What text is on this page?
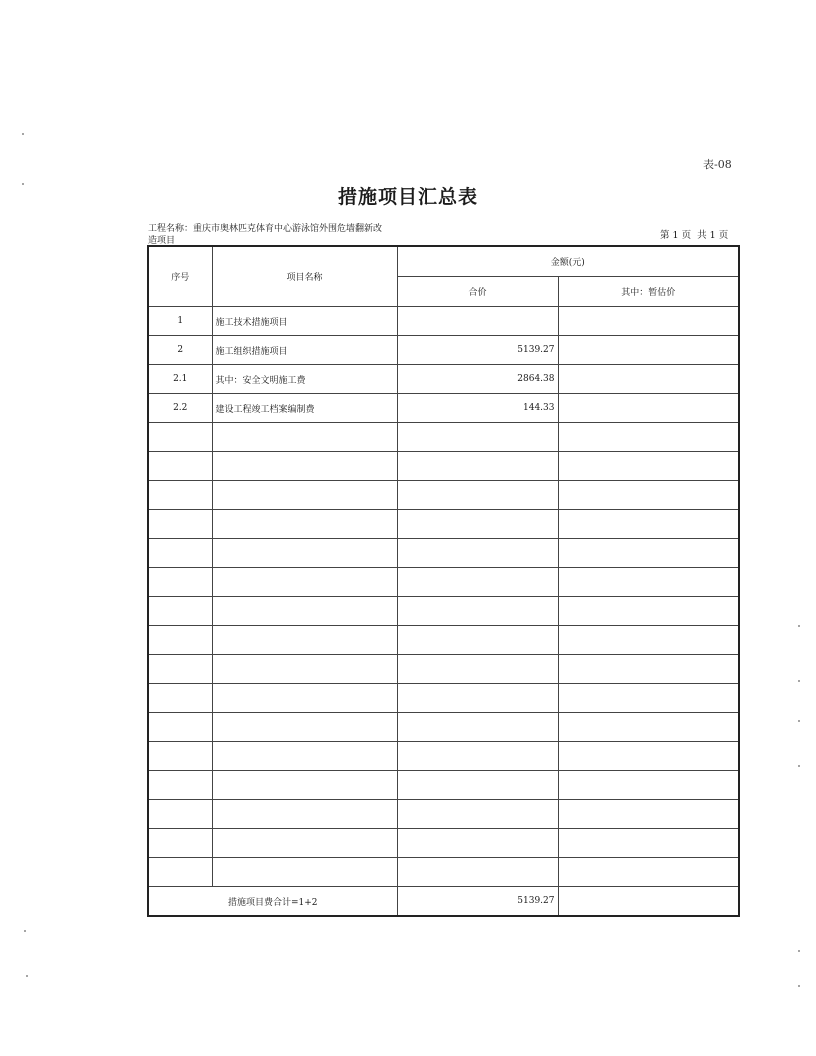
表-08
措施项目汇总表
工程名称：重庆市奥林匹克体育中心游泳馆外围危墙翻新改造项目	第 1 页  共 1 页
序号	项目名称	金额(元)	
		合价	其中：暂估价
1	施工技术措施项目		
2	施工组织措施项目	5139.27	
2.1	其中：安全文明施工费	2864.38	
2.2	建设工程竣工档案编制费	144.33	

措施项目费合计=1+2		5139.27	
